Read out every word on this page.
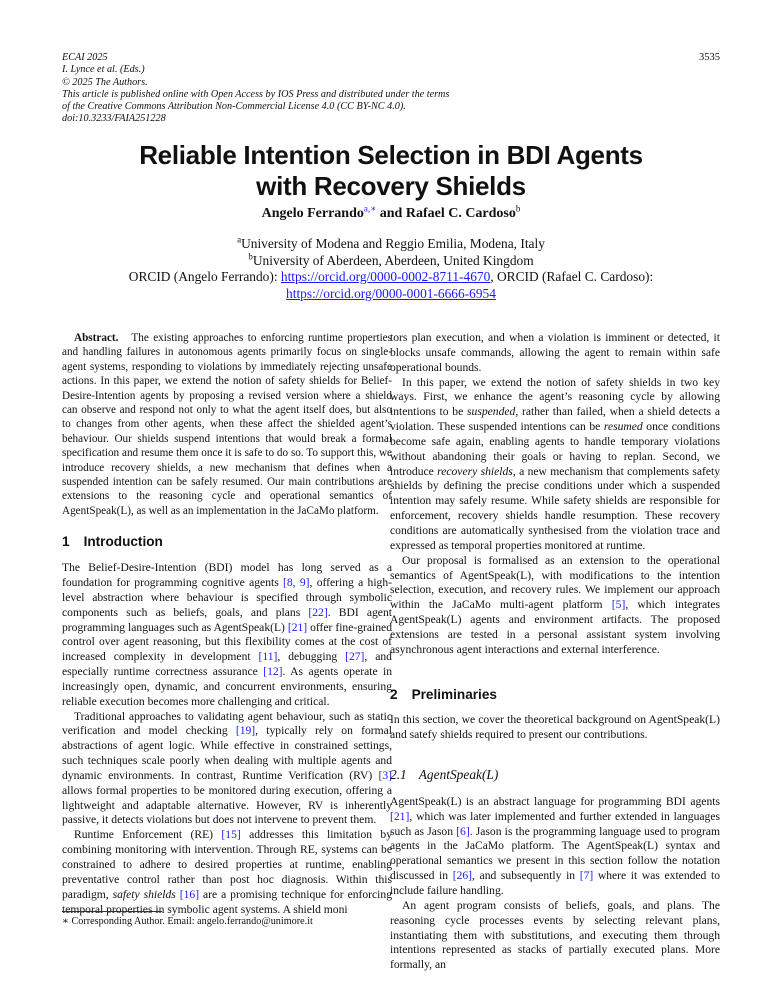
ECAI 2025
I. Lynce et al. (Eds.)
© 2025 The Authors.
This article is published online with Open Access by IOS Press and distributed under the terms
of the Creative Commons Attribution Non-Commercial License 4.0 (CC BY-NC 4.0).
doi:10.3233/FAIA251228
3535
Reliable Intention Selection in BDI Agents
with Recovery Shields
Angelo Ferrando$^{a,∗}$ and Rafael C. Cardoso$^b$
$^a$University of Modena and Reggio Emilia, Modena, Italy
$^b$University of Aberdeen, Aberdeen, United Kingdom
ORCID (Angelo Ferrando): https://orcid.org/0000-0002-8711-4670, ORCID (Rafael C. Cardoso):
https://orcid.org/0000-0001-6666-6954

Abstract. The existing approaches to enforcing runtime properties and handling failures in autonomous agents primarily focus on single-agent systems, responding to violations by immediately rejecting unsafe actions. In this paper, we extend the notion of safety shields for Belief-Desire-Intention agents by proposing a revised version where a shield can observe and respond not only to what the agent itself does, but also to changes from other agents, when these affect the shielded agent’s behaviour. Our shields suspend intentions that would break a formal specification and resume them once it is safe to do so. To support this, we introduce recovery shields, a new mechanism that defines when a suspended intention can be safely resumed. Our main contributions are extensions to the reasoning cycle and operational semantics of AgentSpeak(L), as well as an implementation in the JaCaMo platform.

1 Introduction

The Belief-Desire-Intention (BDI) model has long served as a foundation for programming cognitive agents [8, 9], offering a high-level abstraction where behaviour is specified through symbolic components such as beliefs, goals, and plans [22]. BDI agent programming languages such as AgentSpeak(L) [21] offer fine-grained control over agent reasoning, but this flexibility comes at the cost of increased complexity in development [11], debugging [27], and especially runtime correctness assurance [12]. As agents operate in increasingly open, dynamic, and concurrent environments, ensuring reliable execution becomes more challenging and critical.

Traditional approaches to validating agent behaviour, such as static verification and model checking [19], typically rely on formal abstractions of agent logic. While effective in constrained settings, such techniques scale poorly when dealing with multiple agents and dynamic environments. In contrast, Runtime Verification (RV) [3] allows formal properties to be monitored during execution, offering a lightweight and adaptable alternative. However, RV is inherently passive, it detects violations but does not intervene to prevent them.

Runtime Enforcement (RE) [15] addresses this limitation by combining monitoring with intervention. Through RE, systems can be constrained to adhere to desired properties at runtime, enabling preventative control rather than post hoc diagnosis. Within this paradigm, safety shields [16] are a promising technique for enforcing temporal properties in symbolic agent systems. A shield moni

tors plan execution, and when a violation is imminent or detected, it blocks unsafe commands, allowing the agent to remain within safe operational bounds.

In this paper, we extend the notion of safety shields in two key ways. First, we enhance the agent’s reasoning cycle by allowing intentions to be suspended, rather than failed, when a shield detects a violation. These suspended intentions can be resumed once conditions become safe again, enabling agents to handle temporary violations without abandoning their goals or having to replan. Second, we introduce recovery shields, a new mechanism that complements safety shields by defining the precise conditions under which a suspended intention may safely resume. While safety shields are responsible for enforcement, recovery shields handle resumption. These recovery conditions are automatically synthesised from the violation trace and expressed as temporal properties monitored at runtime.

Our proposal is formalised as an extension to the operational semantics of AgentSpeak(L), with modifications to the intention selection, execution, and recovery rules. We implement our approach within the JaCaMo multi-agent platform [5], which integrates AgentSpeak(L) agents and environment artifacts. The proposed extensions are tested in a personal assistant system involving asynchronous agent interactions and external interference.

2 Preliminaries

In this section, we cover the theoretical background on AgentSpeak(L) and satefy shields required to present our contributions.

2.1 AgentSpeak(L)

AgentSpeak(L) is an abstract language for programming BDI agents [21], which was later implemented and further extended in languages such as Jason [6]. Jason is the programming language used to program agents in the JaCaMo platform. The AgentSpeak(L) syntax and operational semantics we present in this section follow the notation discussed in [26], and subsequently in [7] where it was extended to include failure handling.

An agent program consists of beliefs, goals, and plans. The reasoning cycle processes events by selecting relevant plans, instantiating them with substitutions, and executing them through intentions represented as stacks of partially executed plans. More formally, an

∗ Corresponding Author. Email: angelo.ferrando@unimore.it
